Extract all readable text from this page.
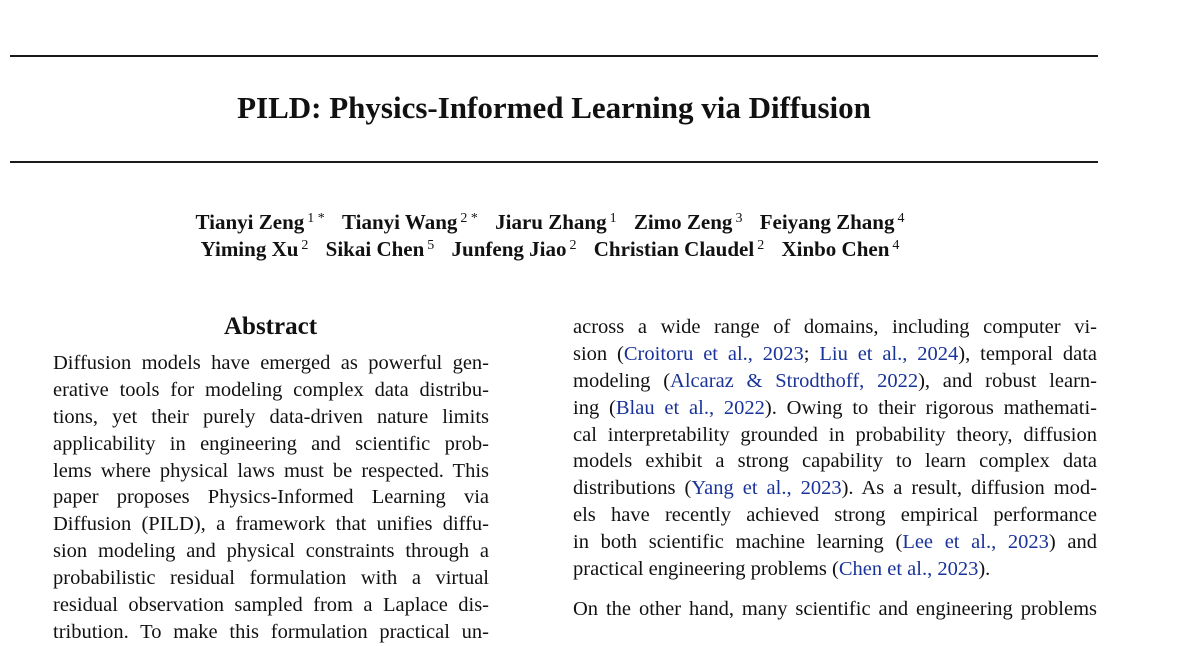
PILD: Physics-Informed Learning via Diffusion
Tianyi Zeng $^{1 *}$ Tianyi Wang $^{2 *}$ Jiaru Zhang $^1$ Zimo Zeng $^3$ Feiyang Zhang $^4$
Yiming Xu $^2$ Sikai Chen $^5$ Junfeng Jiao $^2$ Christian Claudel $^2$ Xinbo Chen $^4$
Abstract
Diffusion models have emerged as powerful gen-
erative tools for modeling complex data distribu-
tions, yet their purely data-driven nature limits
applicability in engineering and scientific prob-
lems where physical laws must be respected. This
paper proposes Physics-Informed Learning via
Diffusion (PILD), a framework that unifies diffu-
sion modeling and physical constraints through a
probabilistic residual formulation with a virtual
residual observation sampled from a Laplace dis-
tribution. To make this formulation practical un-
across a wide range of domains, including computer vi-
sion (Croitoru et al., 2023; Liu et al., 2024), temporal data
modeling (Alcaraz & Strodthoff, 2022), and robust learn-
ing (Blau et al., 2022). Owing to their rigorous mathemati-
cal interpretability grounded in probability theory, diffusion
models exhibit a strong capability to learn complex data
distributions (Yang et al., 2023). As a result, diffusion mod-
els have recently achieved strong empirical performance
in both scientific machine learning (Lee et al., 2023) and
practical engineering problems (Chen et al., 2023).
On the other hand, many scientific and engineering problems
